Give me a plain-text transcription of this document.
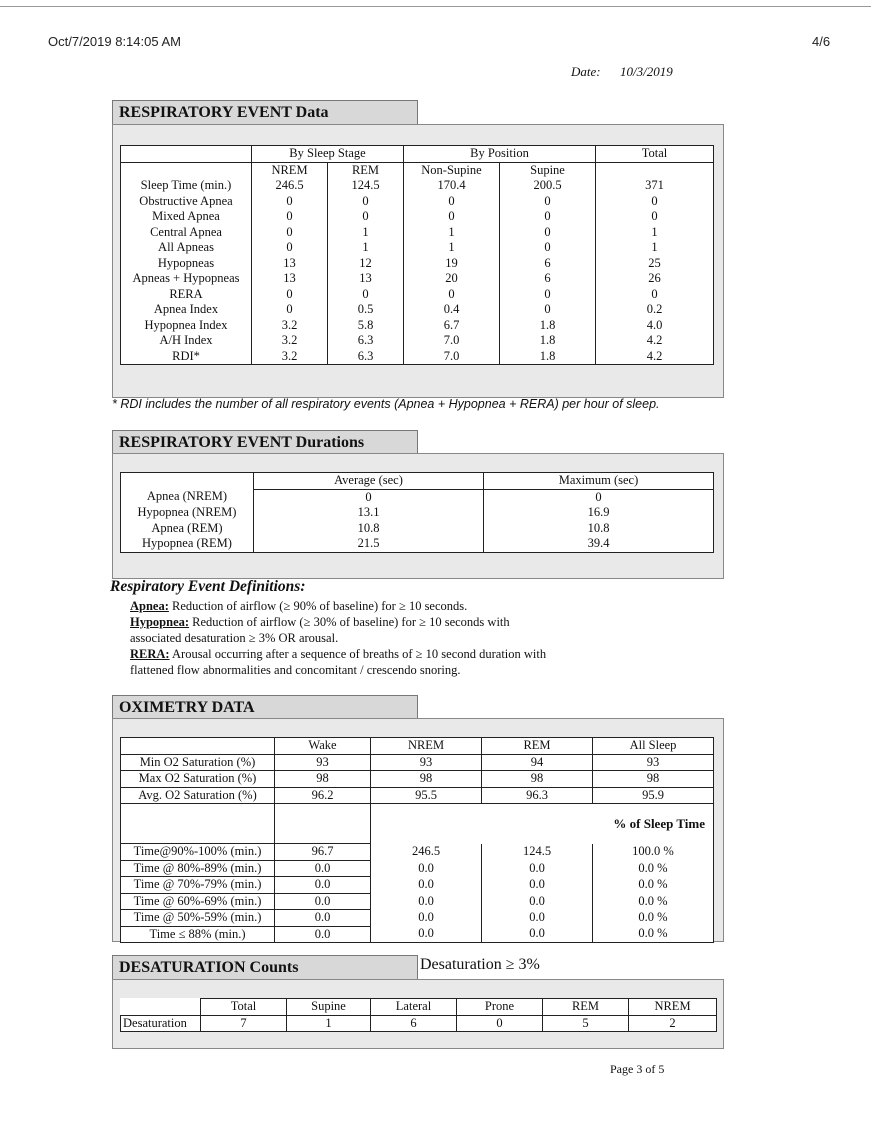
Oct/7/2019 8:14:05 AM	4/6
Date: 10/3/2019
RESPIRATORY EVENT Data
	By Sleep Stage		By Position		Total
	NREM	REM	Non-Supine	Supine	
Sleep Time (min.)	246.5	124.5	170.4	200.5	371
Obstructive Apnea	0	0	0	0	0
Mixed Apnea	0	0	0	0	0
Central Apnea	0	1	1	0	1
All Apneas	0	1	1	0	1
Hypopneas	13	12	19	6	25
Apneas + Hypopneas	13	13	20	6	26
RERA	0	0	0	0	0
Apnea Index	0	0.5	0.4	0	0.2
Hypopnea Index	3.2	5.8	6.7	1.8	4.0
A/H Index	3.2	6.3	7.0	1.8	4.2
RDI*	3.2	6.3	7.0	1.8	4.2
* RDI includes the number of all respiratory events (Apnea + Hypopnea + RERA) per hour of sleep.
RESPIRATORY EVENT Durations
	Average (sec)	Maximum (sec)
Apnea (NREM)	0	0
Hypopnea (NREM)	13.1	16.9
Apnea (REM)	10.8	10.8
Hypopnea (REM)	21.5	39.4
Respiratory Event Definitions:
Apnea: Reduction of airflow (≥ 90% of baseline) for ≥ 10 seconds.
Hypopnea: Reduction of airflow (≥ 30% of baseline) for ≥ 10 seconds with
associated desaturation ≥ 3% OR arousal.
RERA: Arousal occurring after a sequence of breaths of ≥ 10 second duration with
flattened flow abnormalities and concomitant / crescendo snoring.
OXIMETRY DATA
	Wake	NREM	REM	All Sleep
Min O2 Saturation (%)	93	93	94	93
Max O2 Saturation (%)	98	98	98	98
Avg. O2 Saturation (%)	96.2	95.5	96.3	95.9
				% of Sleep Time
Time@90%-100% (min.)	96.7	246.5	124.5	100.0 %
Time @ 80%-89% (min.)	0.0	0.0	0.0	0.0 %
Time @ 70%-79% (min.)	0.0	0.0	0.0	0.0 %
Time @ 60%-69% (min.)	0.0	0.0	0.0	0.0 %
Time @ 50%-59% (min.)	0.0	0.0	0.0	0.0 %
Time ≤ 88% (min.)	0.0	0.0	0.0	0.0 %
DESATURATION Counts	Desaturation ≥ 3%
	Total	Supine	Lateral	Prone	REM	NREM
Desaturation	7	1	6	0	5	2
Page 3 of 5
